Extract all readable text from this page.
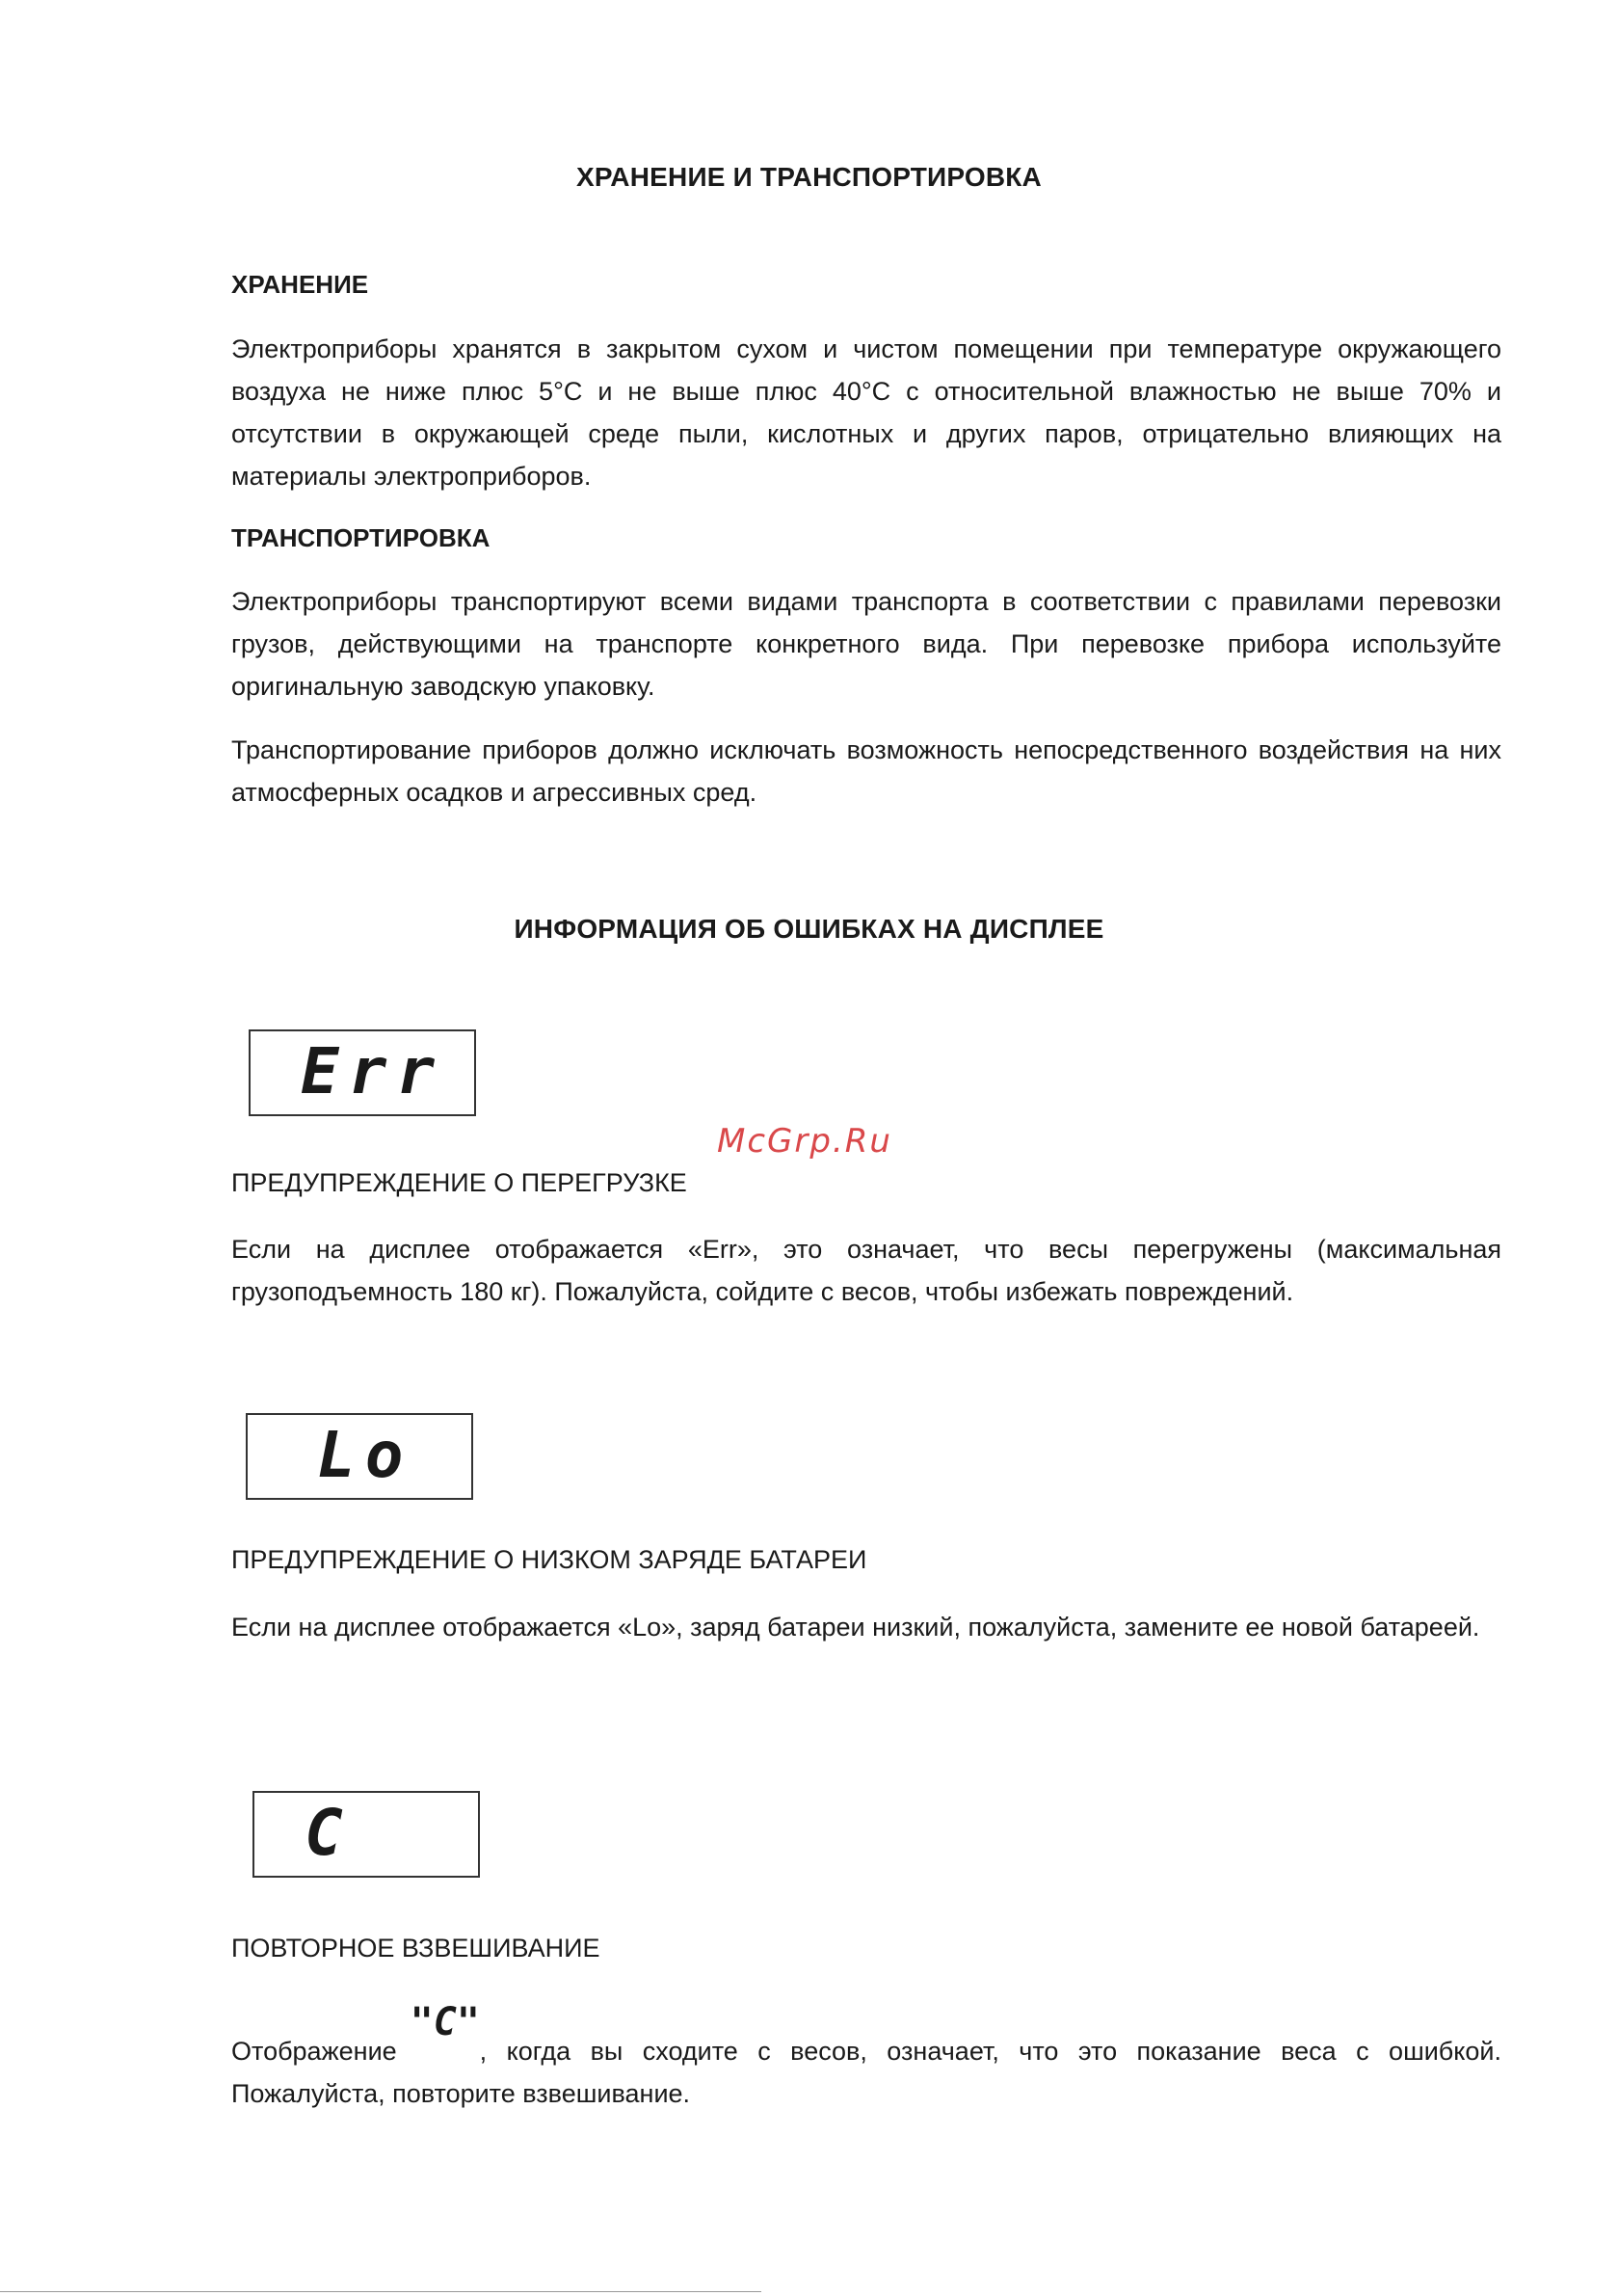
ХРАНЕНИЕ И ТРАНСПОРТИРОВКА
ХРАНЕНИЕ
Электроприборы хранятся в закрытом сухом и чистом помещении при температуре окружающего воздуха не ниже плюс 5°С и не выше плюс 40°С с относительной влажностью не выше 70% и отсутствии в окружающей среде пыли, кислотных и других паров, отрицательно влияющих на материалы электроприборов.
ТРАНСПОРТИРОВКА
Электроприборы транспортируют всеми видами транспорта в соответствии с правилами перевозки грузов, действующими на транспорте конкретного вида. При перевозке прибора используйте оригинальную заводскую упаковку.
Транспортирование приборов должно исключать возможность непосредственного воздействия на них атмосферных осадков и агрессивных сред.
ИНФОРМАЦИЯ ОБ ОШИБКАХ НА ДИСПЛЕЕ
Err
McGrp.Ru
ПРЕДУПРЕЖДЕНИЕ О ПЕРЕГРУЗКЕ
Если на дисплее отображается «Err», это означает, что весы перегружены (максимальная грузоподъемность 180 кг). Пожалуйста, сойдите с весов, чтобы избежать повреждений.
Lo
ПРЕДУПРЕЖДЕНИЕ О НИЗКОМ ЗАРЯДЕ БАТАРЕИ
Если на дисплее отображается «Lo», заряд батареи низкий, пожалуйста, замените ее новой батареей.
C
ПОВТОРНОЕ ВЗВЕШИВАНИЕ
Отображение"C", когда вы сходите с весов, означает, что это показание веса с ошибкой. Пожалуйста, повторите взвешивание.
